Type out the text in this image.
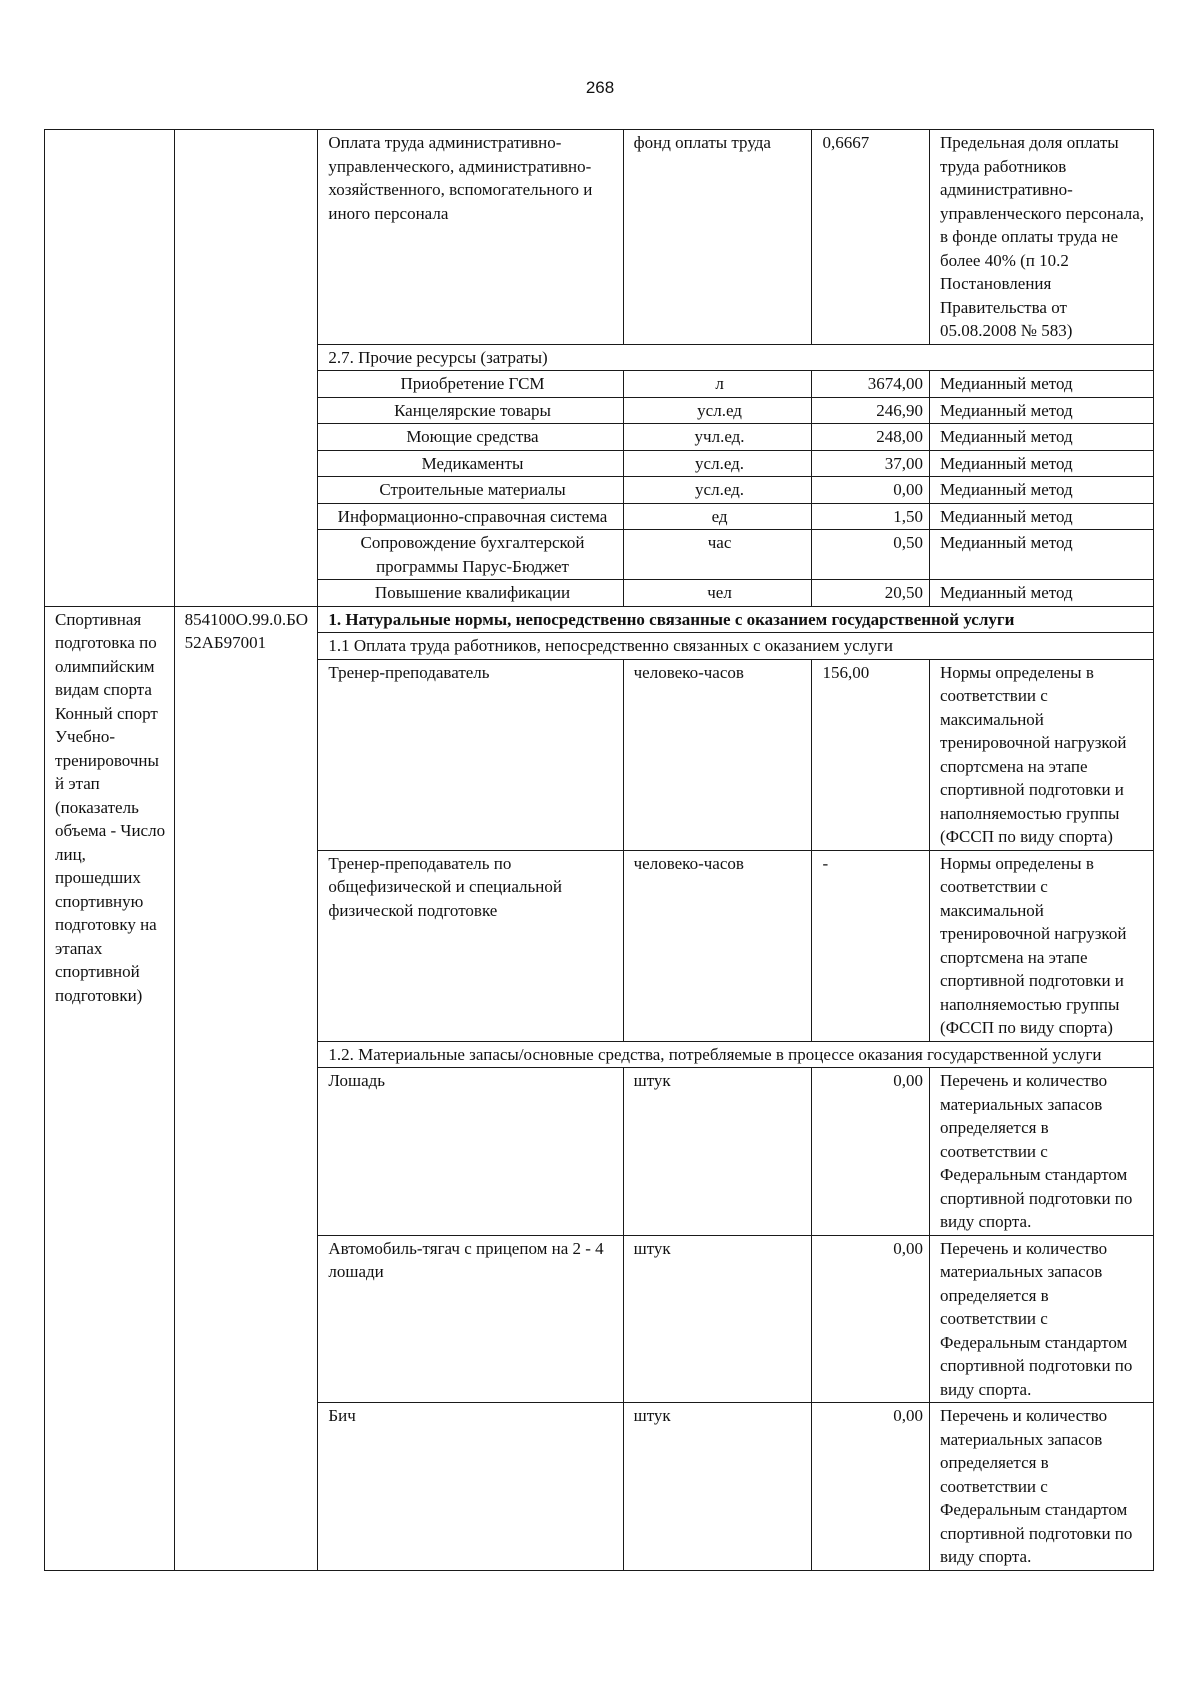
268
		Оплата труда административно-управленческого, административно-хозяйственного, вспомогательного и иного персонала	фонд оплаты труда	0,6667	Предельная доля оплаты труда работников административно-управленческого персонала, в фонде оплаты труда не более 40% (п 10.2 Постановления Правительства от 05.08.2008 № 583)
		2.7. Прочие ресурсы (затраты)			
		Приобретение ГСМ	л	3674,00	Медианный метод
		Канцелярские товары	усл.ед	246,90	Медианный метод
		Моющие средства	учл.ед.	248,00	Медианный метод
		Медикаменты	усл.ед.	37,00	Медианный метод
		Строительные материалы	усл.ед.	0,00	Медианный метод
		Информационно-справочная система	ед	1,50	Медианный метод
		Сопровождение бухгалтерской программы Парус-Бюджет	час	0,50	Медианный метод
		Повышение квалификации	чел	20,50	Медианный метод
Спортивная подготовка по олимпийским видам спорта Конный спорт Учебно-тренировочный этап (показатель объема - Число лиц, прошедших спортивную подготовку на этапах спортивной подготовки)	854100О.99.0.БО52АБ97001	1. Натуральные нормы, непосредственно связанные с оказанием государственной услуги			
		1.1 Оплата труда работников, непосредственно связанных с оказанием услуги			
		Тренер-преподаватель	человеко-часов	156,00	Нормы определены в соответствии с максимальной тренировочной нагрузкой спортсмена на этапе спортивной подготовки и наполняемостью группы (ФССП по виду спорта)
		Тренер-преподаватель по общефизической и специальной физической подготовке	человеко-часов	-	Нормы определены в соответствии с максимальной тренировочной нагрузкой спортсмена на этапе спортивной подготовки и наполняемостью группы (ФССП по виду спорта)
		1.2. Материальные запасы/основные средства, потребляемые в процессе оказания государственной услуги			
		Лошадь	штук	0,00	Перечень и количество материальных запасов определяется в соответствии с Федеральным стандартом спортивной подготовки по виду спорта.
		Автомобиль-тягач с прицепом на 2 - 4 лошади	штук	0,00	Перечень и количество материальных запасов определяется в соответствии с Федеральным стандартом спортивной подготовки по виду спорта.
		Бич	штук	0,00	Перечень и количество материальных запасов определяется в соответствии с Федеральным стандартом спортивной подготовки по виду спорта.
